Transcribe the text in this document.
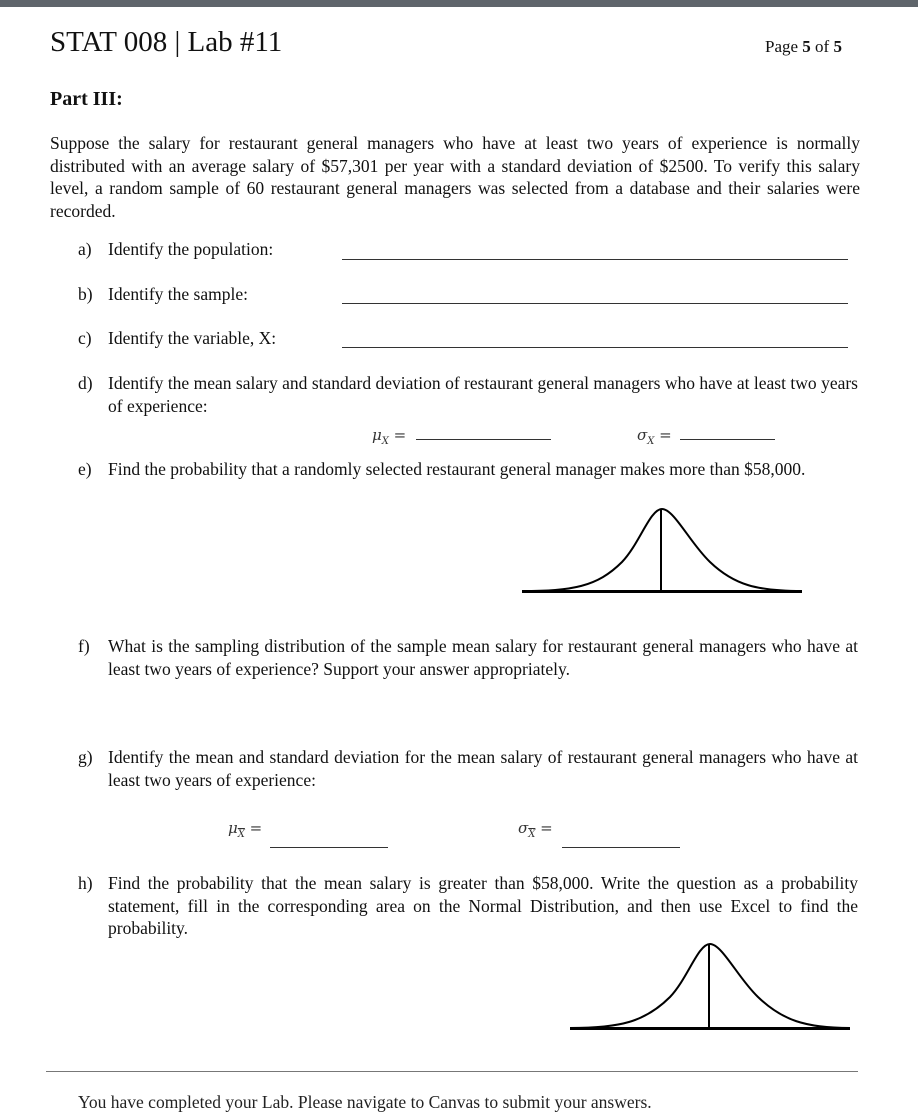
STAT 008 | Lab #11	Page 5 of 5
Part III:
Suppose the salary for restaurant general managers who have at least two years of experience is normally distributed with an average salary of $57,301 per year with a standard deviation of $2500. To verify this salary level, a random sample of 60 restaurant general managers was selected from a database and their salaries were recorded.
a) Identify the population:
b) Identify the sample:
c) Identify the variable, X:
d) Identify the mean salary and standard deviation of restaurant general managers who have at least two years of experience:
$\mu_X$ =	$\sigma_X$ =
e) Find the probability that a randomly selected restaurant general manager makes more than $58,000.
f) What is the sampling distribution of the sample mean salary for restaurant general managers who have at least two years of experience? Support your answer appropriately.
g) Identify the mean and standard deviation for the mean salary of restaurant general managers who have at least two years of experience:
$\mu_{\overline{X}}$ =	$\sigma_{\overline{X}}$ =
h) Find the probability that the mean salary is greater than $58,000. Write the question as a probability statement, fill in the corresponding area on the Normal Distribution, and then use Excel to find the probability.
You have completed your Lab. Please navigate to Canvas to submit your answers.
